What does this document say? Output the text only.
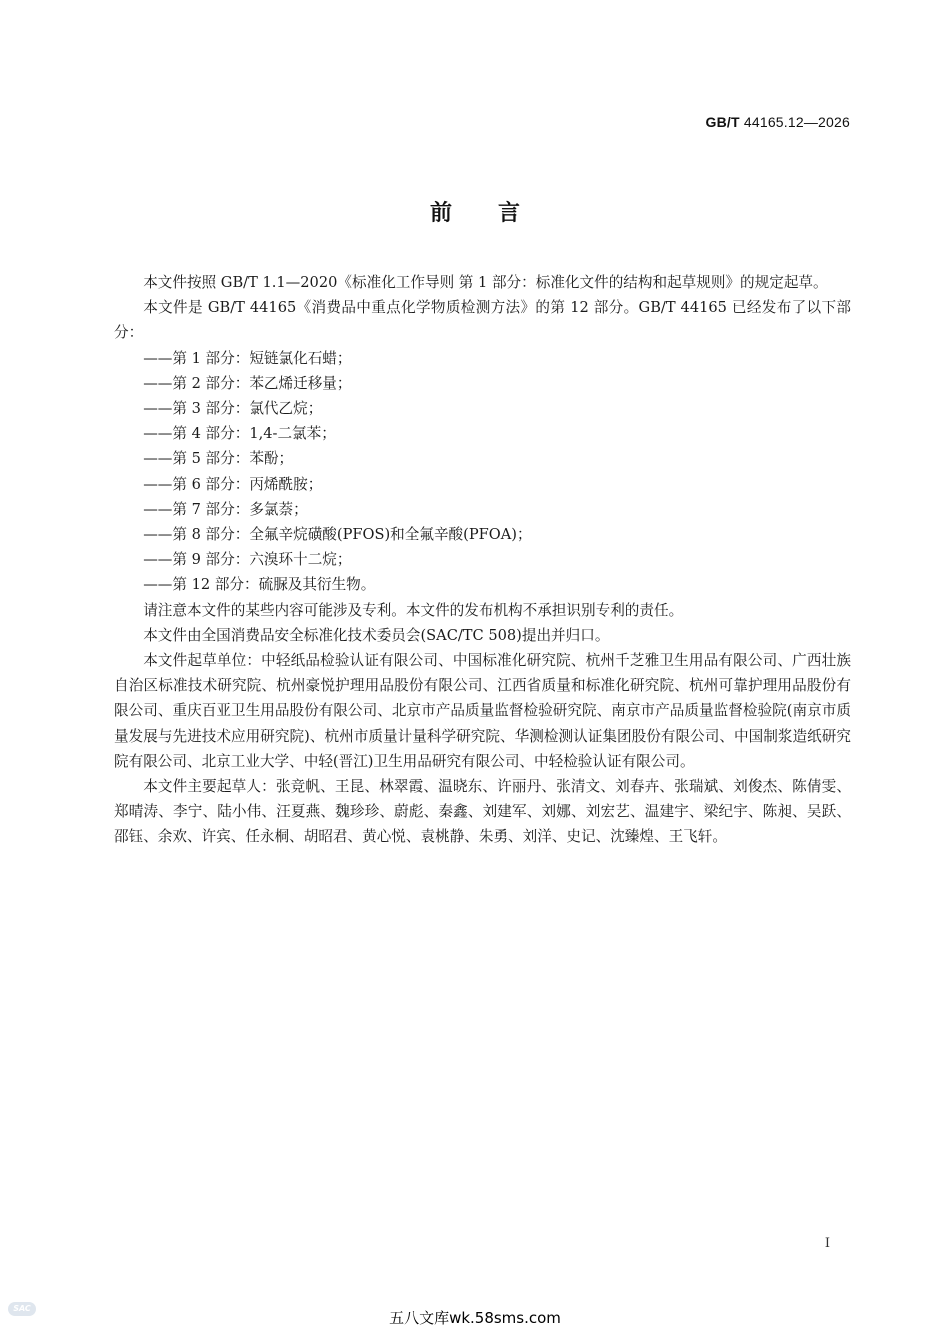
GB/T 44165.12—2026
前言

本文件按照 GB/T 1.1—2020《标准化工作导则 第 1 部分：标准化文件的结构和起草规则》的规定起草。

本文件是 GB/T 44165《消费品中重点化学物质检测方法》的第 12 部分。GB/T 44165 已经发布了以下部分：

——第 1 部分：短链氯化石蜡；

——第 2 部分：苯乙烯迁移量；

——第 3 部分：氯代乙烷；

——第 4 部分：1,4-二氯苯；

——第 5 部分：苯酚；

——第 6 部分：丙烯酰胺；

——第 7 部分：多氯萘；

——第 8 部分：全氟辛烷磺酸(PFOS)和全氟辛酸(PFOA)；

——第 9 部分：六溴环十二烷；

——第 12 部分：硫脲及其衍生物。

请注意本文件的某些内容可能涉及专利。本文件的发布机构不承担识别专利的责任。

本文件由全国消费品安全标准化技术委员会(SAC/TC 508)提出并归口。

本文件起草单位：中轻纸品检验认证有限公司、中国标准化研究院、杭州千芝雅卫生用品有限公司、广西壮族自治区标准技术研究院、杭州豪悦护理用品股份有限公司、江西省质量和标准化研究院、杭州可靠护理用品股份有限公司、重庆百亚卫生用品股份有限公司、北京市产品质量监督检验研究院、南京市产品质量监督检验院(南京市质量发展与先进技术应用研究院)、杭州市质量计量科学研究院、华测检测认证集团股份有限公司、中国制浆造纸研究院有限公司、北京工业大学、中轻(晋江)卫生用品研究有限公司、中轻检验认证有限公司。

本文件主要起草人：张竞帆、王昆、林翠霞、温晓东、许丽丹、张清文、刘春卉、张瑞斌、刘俊杰、陈倩雯、郑晴涛、李宁、陆小伟、汪夏燕、魏珍珍、蔚彪、秦鑫、刘建军、刘娜、刘宏艺、温建宇、梁纪宇、陈昶、吴跃、邵钰、余欢、许宾、任永桐、胡昭君、黄心悦、袁桃静、朱勇、刘洋、史记、沈臻煌、王飞轩。

I
SAC
五八文库wk.58sms.com
